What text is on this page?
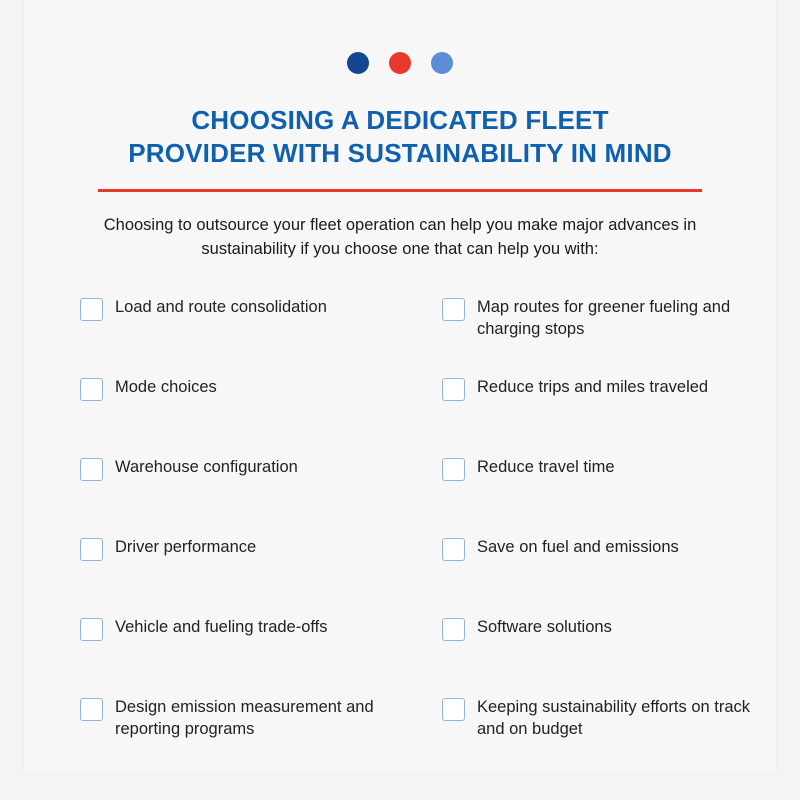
CHOOSING A DEDICATED FLEET
PROVIDER WITH SUSTAINABILITY IN MIND
Choosing to outsource your fleet operation can help you make major advances in sustainability if you choose one that can help you with:
Load and route consolidation	Map routes for greener fueling and charging stops
Mode choices	Reduce trips and miles traveled
Warehouse configuration	Reduce travel time
Driver performance	Save on fuel and emissions
Vehicle and fueling trade-offs	Software solutions
Design emission measurement and reporting programs
Keeping sustainability efforts on track and on budget
